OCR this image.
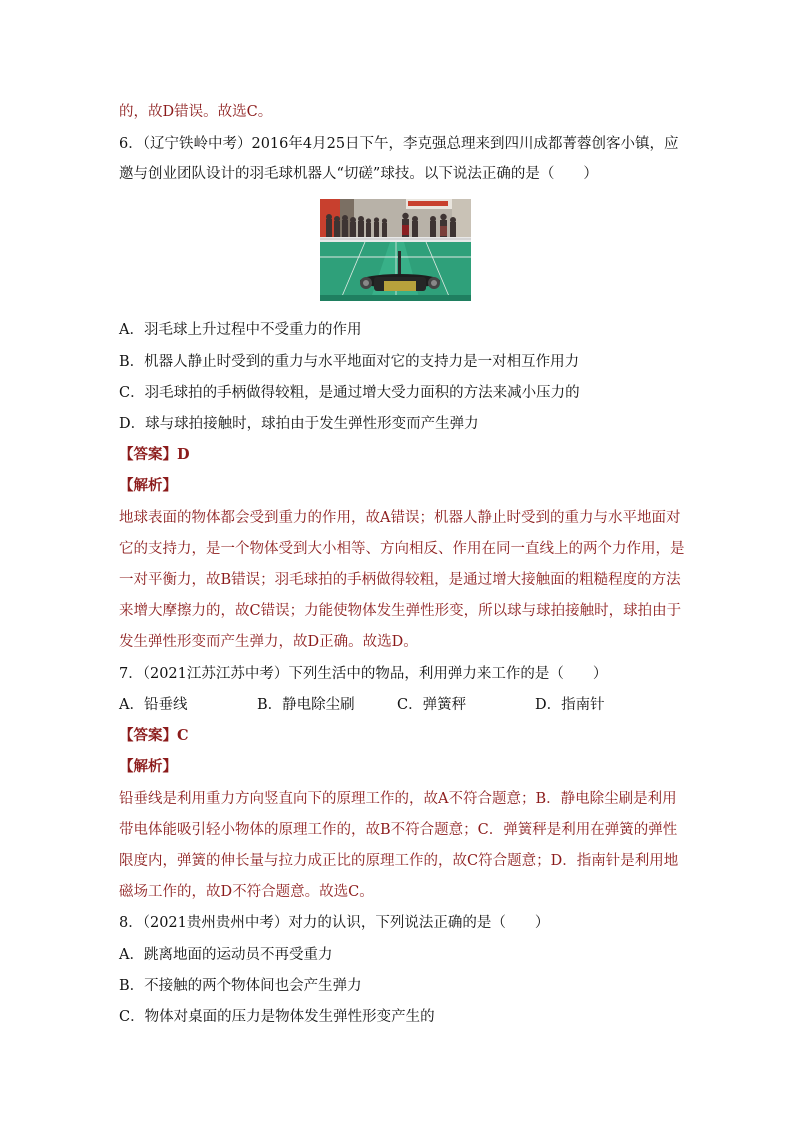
的，故D错误。故选C。
6．（辽宁铁岭中考）2016年4月25日下午，李克强总理来到四川成都菁蓉创客小镇，应
邀与创业团队设计的羽毛球机器人“切磋”球技。以下说法正确的是（　　）
A．羽毛球上升过程中不受重力的作用
B．机器人静止时受到的重力与水平地面对它的支持力是一对相互作用力
C．羽毛球拍的手柄做得较粗，是通过增大受力面积的方法来减小压力的
D．球与球拍接触时，球拍由于发生弹性形变而产生弹力
【答案】D
【解析】
地球表面的物体都会受到重力的作用，故A错误；机器人静止时受到的重力与水平地面对
它的支持力，是一个物体受到大小相等、方向相反、作用在同一直线上的两个力作用，是
一对平衡力，故B错误；羽毛球拍的手柄做得较粗，是通过增大接触面的粗糙程度的方法
来增大摩擦力的，故C错误；力能使物体发生弹性形变，所以球与球拍接触时，球拍由于
发生弹性形变而产生弹力，故D正确。故选D。
7．（2021江苏江苏中考）下列生活中的物品，利用弹力来工作的是（　　）
A．铅垂线	B．静电除尘刷	C．弹簧秤	D．指南针
【答案】C
【解析】
铅垂线是利用重力方向竖直向下的原理工作的，故A不符合题意；B．静电除尘刷是利用
带电体能吸引轻小物体的原理工作的，故B不符合题意；C．弹簧秤是利用在弹簧的弹性
限度内，弹簧的伸长量与拉力成正比的原理工作的，故C符合题意；D．指南针是利用地
磁场工作的，故D不符合题意。故选C。
8．（2021贵州贵州中考）对力的认识，下列说法正确的是（　　）
A．跳离地面的运动员不再受重力
B．不接触的两个物体间也会产生弹力
C．物体对桌面的压力是物体发生弹性形变产生的
